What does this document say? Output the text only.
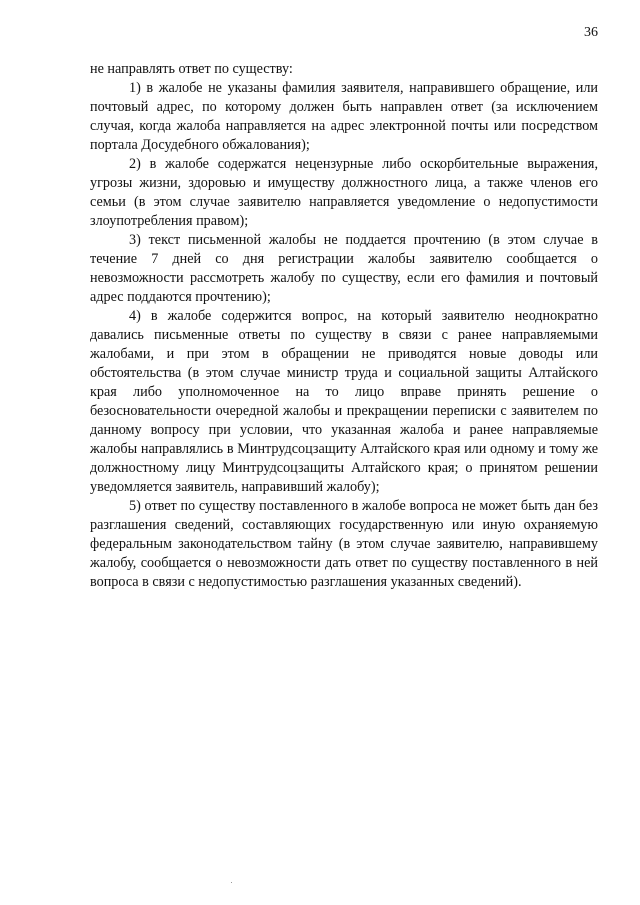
36

не направлять ответ по существу:

1) в жалобе не указаны фамилия заявителя, направившего обращение, или почтовый адрес, по которому должен быть направлен ответ (за исключением случая, когда жалоба направляется на адрес электронной почты или посредством портала Досудебного обжалования);

2) в жалобе содержатся нецензурные либо оскорбительные выражения, угрозы жизни, здоровью и имуществу должностного лица, а также членов его семьи (в этом случае заявителю направляется уведомление о недопустимости злоупотребления правом);

3) текст письменной жалобы не поддается прочтению (в этом случае в течение 7 дней со дня регистрации жалобы заявителю сообщается о невозможности рассмотреть жалобу по существу, если его фамилия и почтовый адрес поддаются прочтению);

4) в жалобе содержится вопрос, на который заявителю неоднократно давались письменные ответы по существу в связи с ранее направляемыми жалобами, и при этом в обращении не приводятся новые доводы или обстоятельства (в этом случае министр труда и социальной защиты Алтайского края либо уполномоченное на то лицо вправе принять решение о безосновательности очередной жалобы и прекращении переписки с заявителем по данному вопросу при условии, что указанная жалоба и ранее направляемые жалобы направлялись в Минтрудсоцзащиту Алтайского края или одному и тому же должностному лицу Минтрудсоцзащиты Алтайского края; о принятом решении уведомляется заявитель, направивший жалобу);

5) ответ по существу поставленного в жалобе вопроса не может быть дан без разглашения сведений, составляющих государственную или иную охраняемую федеральным законодательством тайну (в этом случае заявителю, направившему жалобу, сообщается о невозможности дать ответ по существу поставленного в ней вопроса в связи с недопустимостью разглашения указанных сведений).
